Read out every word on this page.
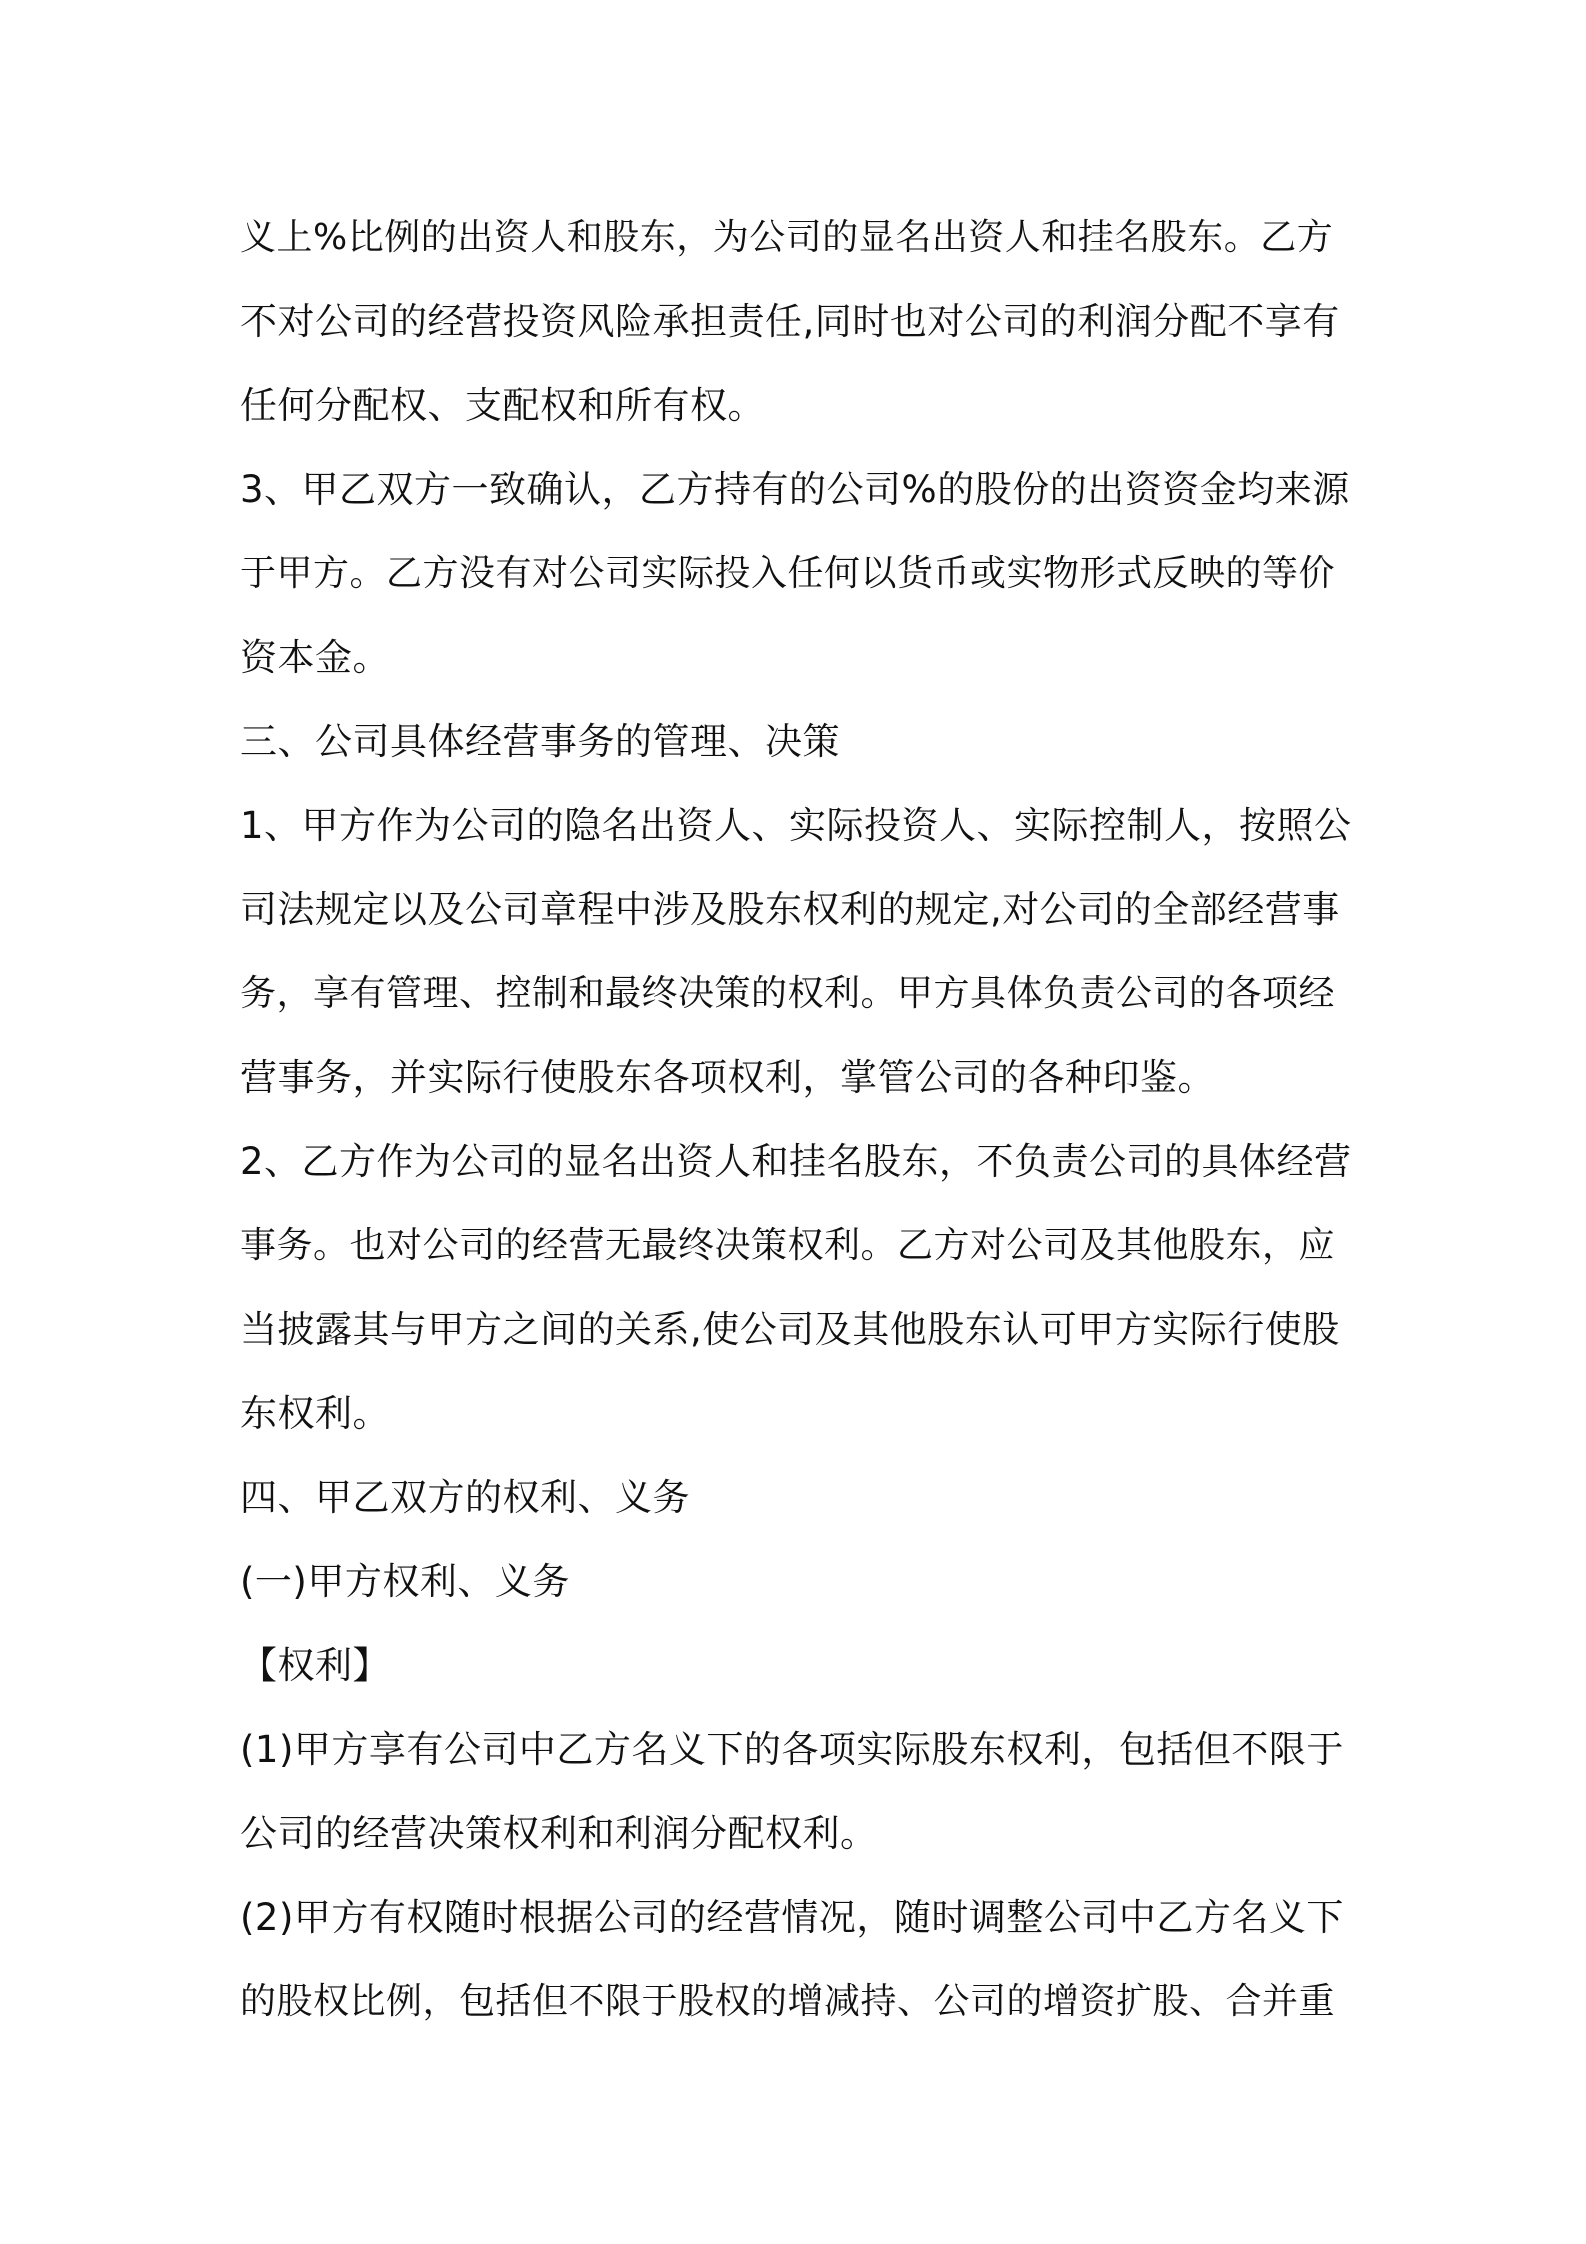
义上%比例的出资人和股东，为公司的显名出资人和挂名股东。乙方
不对公司的经营投资风险承担责任,同时也对公司的利润分配不享有
任何分配权、支配权和所有权。
3、甲乙双方一致确认，乙方持有的公司%的股份的出资资金均来源
于甲方。乙方没有对公司实际投入任何以货币或实物形式反映的等价
资本金。
三、公司具体经营事务的管理、决策
1、甲方作为公司的隐名出资人、实际投资人、实际控制人，按照公
司法规定以及公司章程中涉及股东权利的规定,对公司的全部经营事
务，享有管理、控制和最终决策的权利。甲方具体负责公司的各项经
营事务，并实际行使股东各项权利，掌管公司的各种印鉴。
2、乙方作为公司的显名出资人和挂名股东，不负责公司的具体经营
事务。也对公司的经营无最终决策权利。乙方对公司及其他股东，应
当披露其与甲方之间的关系,使公司及其他股东认可甲方实际行使股
东权利。
四、甲乙双方的权利、义务
(一)甲方权利、义务
【权利】
(1)甲方享有公司中乙方名义下的各项实际股东权利，包括但不限于
公司的经营决策权利和利润分配权利。
(2)甲方有权随时根据公司的经营情况，随时调整公司中乙方名义下
的股权比例，包括但不限于股权的增减持、公司的增资扩股、合并重
